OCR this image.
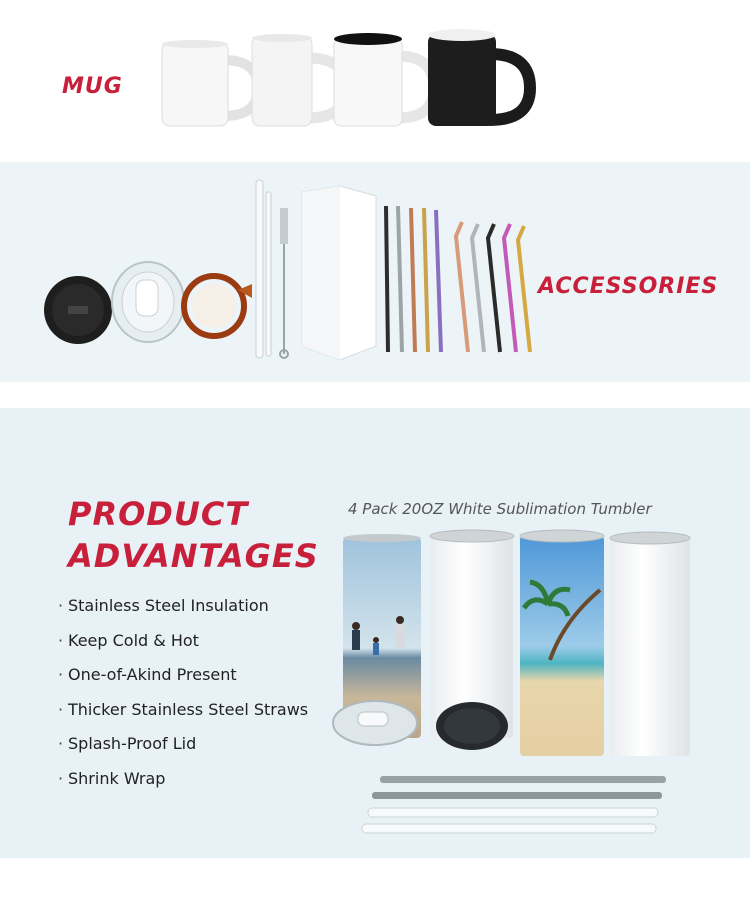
MUG
ACCESSORIES
PRODUCT
ADVANTAGES

4 Pack 20OZ White Sublimation Tumbler

· Stainless Steel Insulation
· Keep Cold & Hot
· One-of-Akind Present
· Thicker Stainless Steel Straws
· Splash-Proof Lid
· Shrink Wrap
